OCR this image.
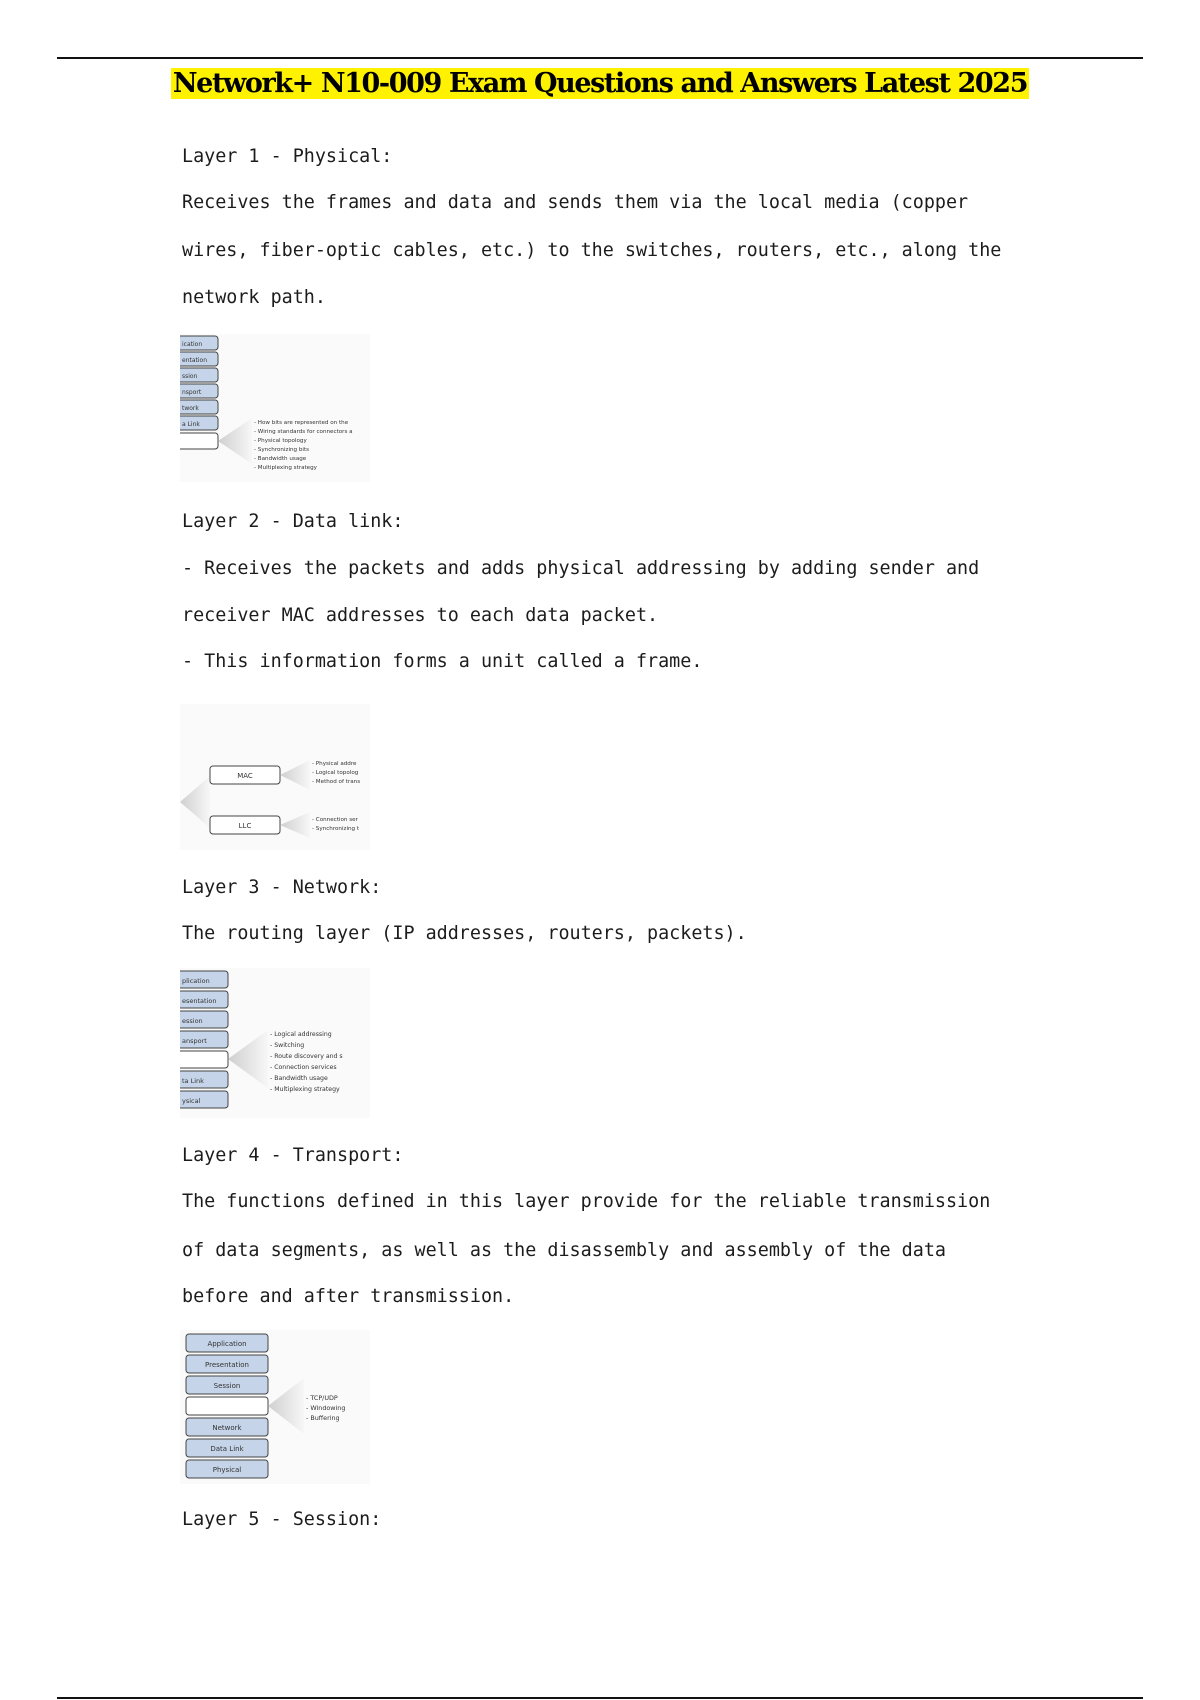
Network+ N10-009 Exam Questions and Answers Latest 2025
Layer 1 - Physical:
Receives the frames and data and sends them via the local media (copper
wires, fiber-optic cables, etc.) to the switches, routers, etc., along the
network path.
ication
entation
ssion
nsport
twork
a Link	- How bits are represented on the
- Wiring standards for connectors a
- Physical topology
- Synchronizing bits
- Bandwidth usage
- Multiplexing strategy
Layer 2 - Data link:
- Receives the packets and adds physical addressing by adding sender and
receiver MAC addresses to each data packet.
- This information forms a unit called a frame.
MAC
LLC
- Physical addre
- Logical topolog
- Method of trans
- Connection ser
- Synchronizing t
Layer 3 - Network:
The routing layer (IP addresses, routers, packets).
plication
esentation
ession
ansport
ta Link
ysical
- Logical addressing
- Switching
- Route discovery and s
- Connection services
- Bandwidth usage
- Multiplexing strategy
Layer 4 - Transport:
The functions defined in this layer provide for the reliable transmission
of data segments, as well as the disassembly and assembly of the data
before and after transmission.
Application
Presentation
Session
Network
Data Link
Physical
- TCP/UDP
- Windowing
- Buffering
Layer 5 - Session:
